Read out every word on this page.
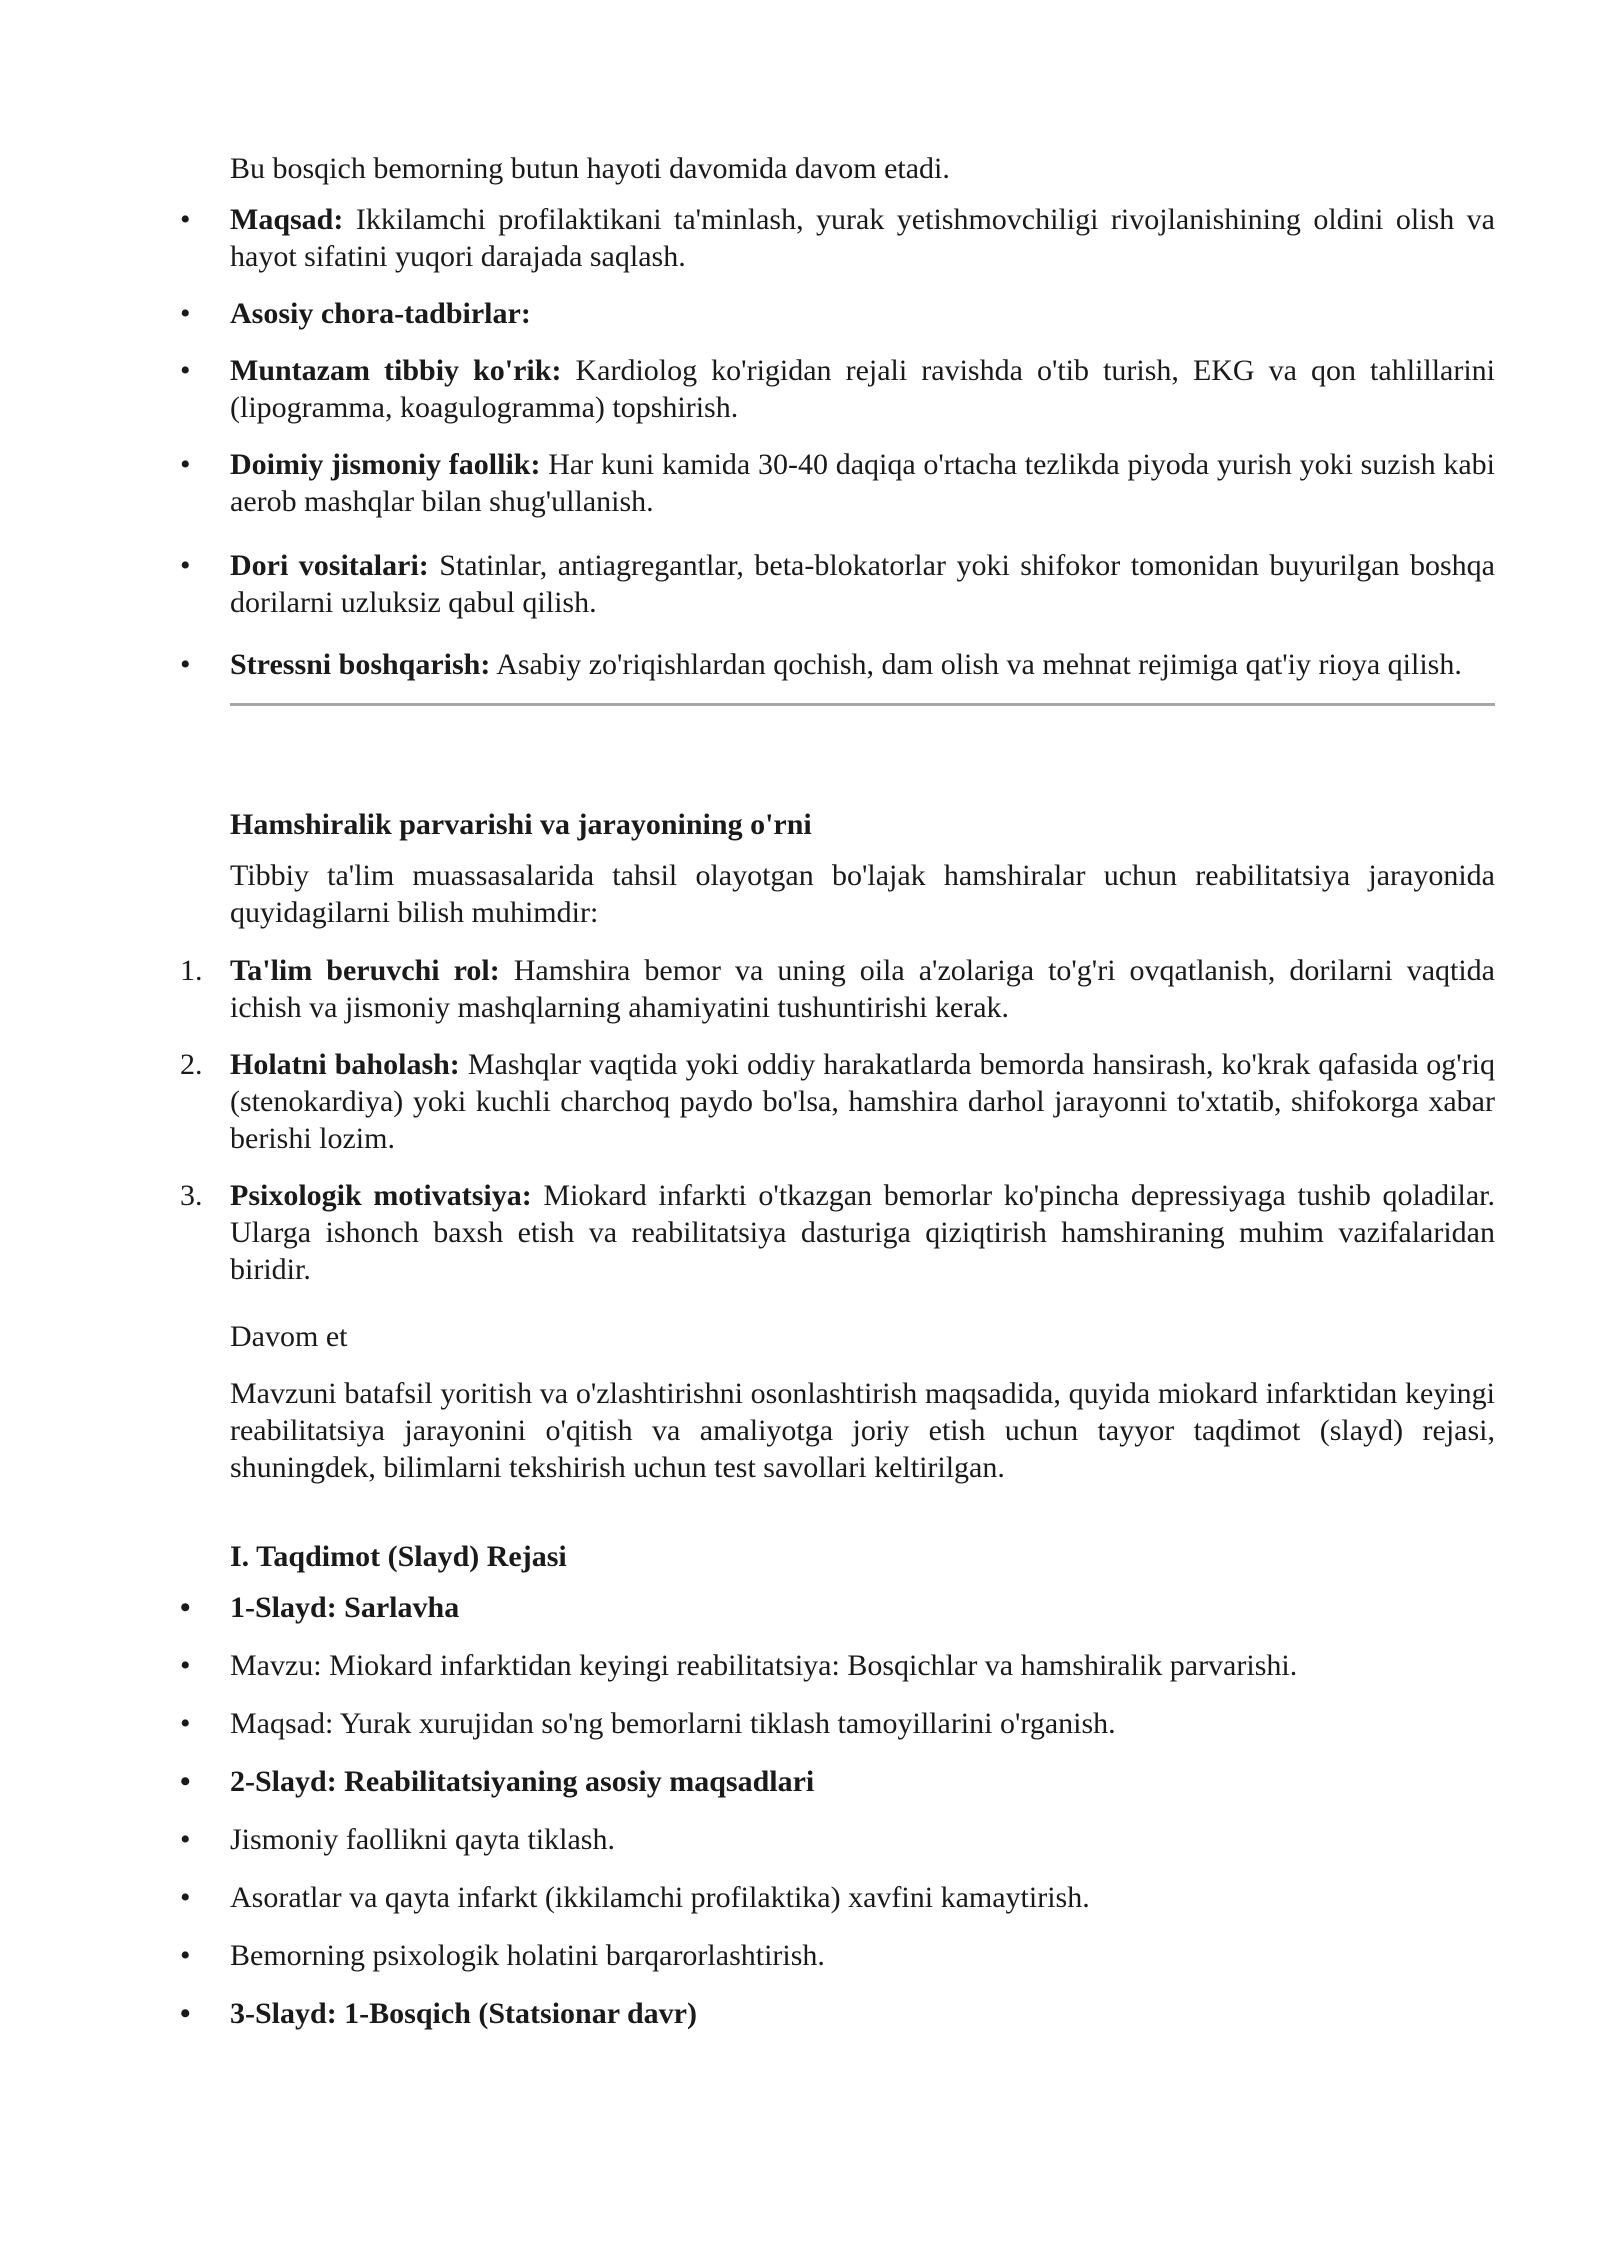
Bu bosqich bemorning butun hayoti davomida davom etadi.

• Maqsad: Ikkilamchi profilaktikani ta'minlash, yurak yetishmovchiligi rivojlanishining oldini olish va hayot sifatini yuqori darajada saqlash.
• Asosiy chora-tadbirlar:
• Muntazam tibbiy ko'rik: Kardiolog ko'rigidan rejali ravishda o'tib turish, EKG va qon tahlillarini (lipogramma, koagulogramma) topshirish.
• Doimiy jismoniy faollik: Har kuni kamida 30-40 daqiqa o'rtacha tezlikda piyoda yurish yoki suzish kabi aerob mashqlar bilan shug'ullanish.
• Dori vositalari: Statinlar, antiagregantlar, beta-blokatorlar yoki shifokor tomonidan buyurilgan boshqa dorilarni uzluksiz qabul qilish.
• Stressni boshqarish: Asabiy zo'riqishlardan qochish, dam olish va mehnat rejimiga qat'iy rioya qilish.
Hamshiralik parvarishi va jarayonining o'rni

Tibbiy ta'lim muassasalarida tahsil olayotgan bo'lajak hamshiralar uchun reabilitatsiya jarayonida quyidagilarni bilish muhimdir:

1. Ta'lim beruvchi rol: Hamshira bemor va uning oila a'zolariga to'g'ri ovqatlanish, dorilarni vaqtida ichish va jismoniy mashqlarning ahamiyatini tushuntirishi kerak.
2. Holatni baholash: Mashqlar vaqtida yoki oddiy harakatlarda bemorda hansirash, ko'krak qafasida og'riq (stenokardiya) yoki kuchli charchoq paydo bo'lsa, hamshira darhol jarayonni to'xtatib, shifokorga xabar berishi lozim.
3. Psixologik motivatsiya: Miokard infarkti o'tkazgan bemorlar ko'pincha depressiyaga tushib qoladilar. Ularga ishonch baxsh etish va reabilitatsiya dasturiga qiziqtirish hamshiraning muhim vazifalaridan biridir.

Davom et

Mavzuni batafsil yoritish va o'zlashtirishni osonlashtirish maqsadida, quyida miokard infarktidan keyingi reabilitatsiya jarayonini o'qitish va amaliyotga joriy etish uchun tayyor taqdimot (slayd) rejasi, shuningdek, bilimlarni tekshirish uchun test savollari keltirilgan.

I. Taqdimot (Slayd) Rejasi
• 1-Slayd: Sarlavha
• Mavzu: Miokard infarktidan keyingi reabilitatsiya: Bosqichlar va hamshiralik parvarishi.
• Maqsad: Yurak xurujidan so'ng bemorlarni tiklash tamoyillarini o'rganish.
• 2-Slayd: Reabilitatsiyaning asosiy maqsadlari
• Jismoniy faollikni qayta tiklash.
• Asoratlar va qayta infarkt (ikkilamchi profilaktika) xavfini kamaytirish.
• Bemorning psixologik holatini barqarorlashtirish.
• 3-Slayd: 1-Bosqich (Statsionar davr)
